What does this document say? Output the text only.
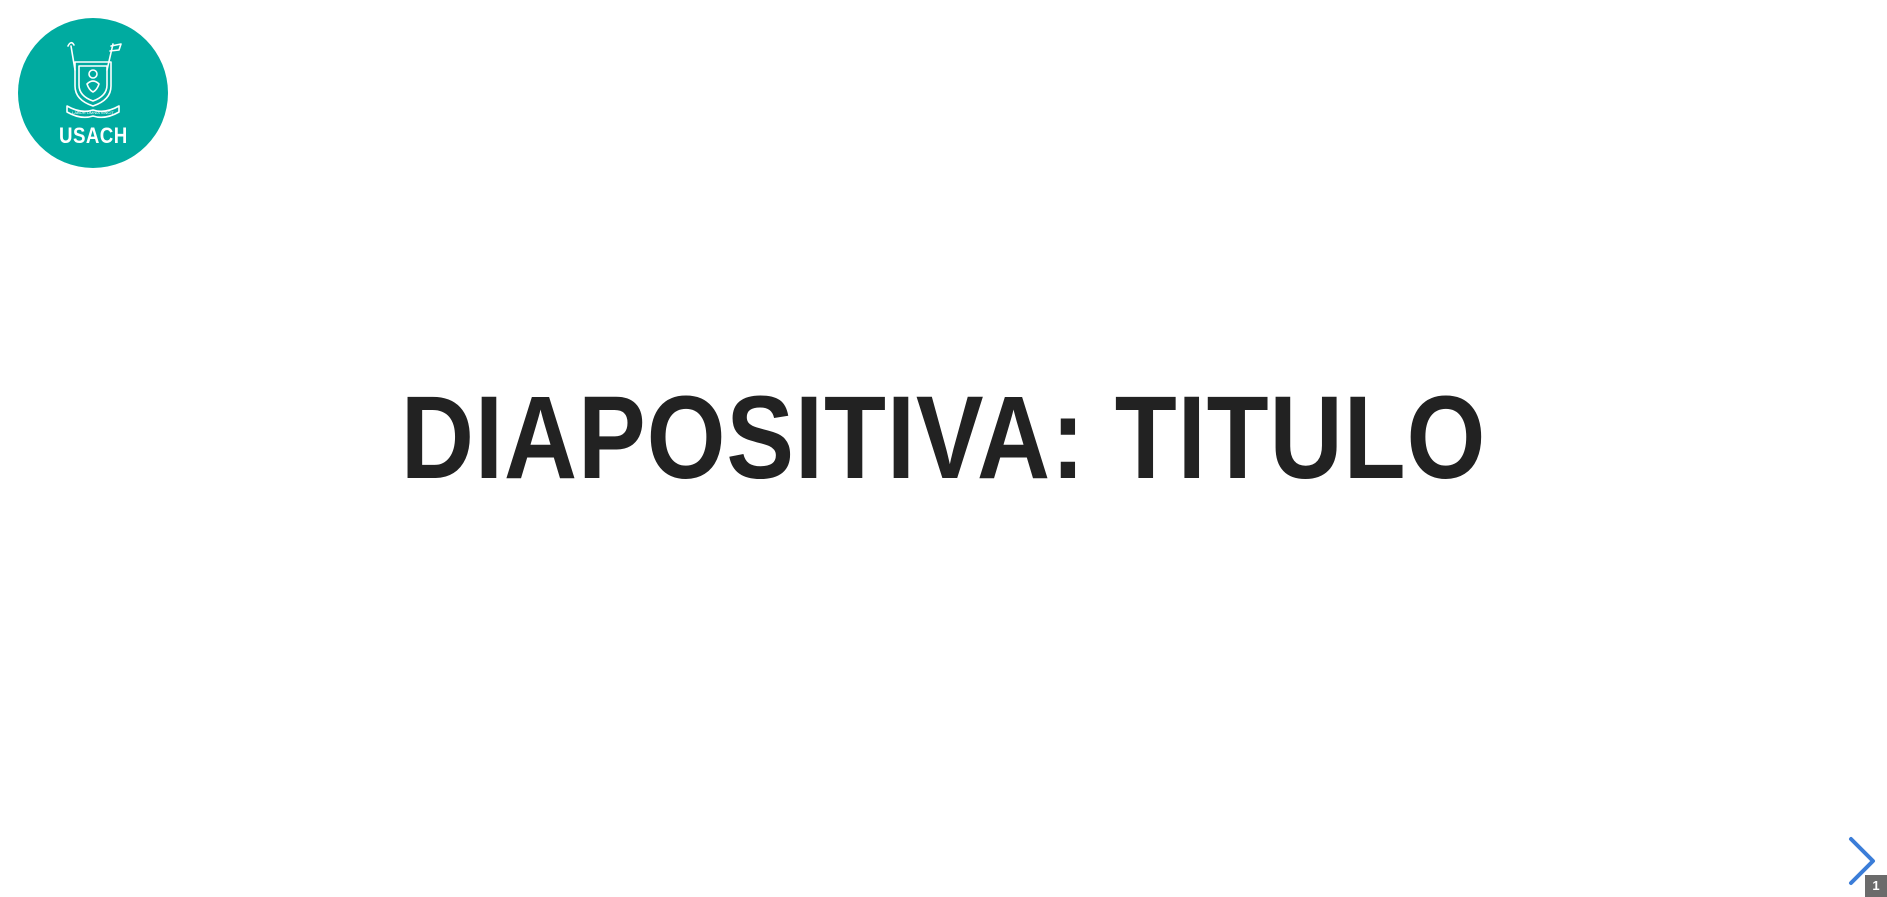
LABOR OMNIA VINCIT
USACH
DIAPOSITIVA: TITULO
1
